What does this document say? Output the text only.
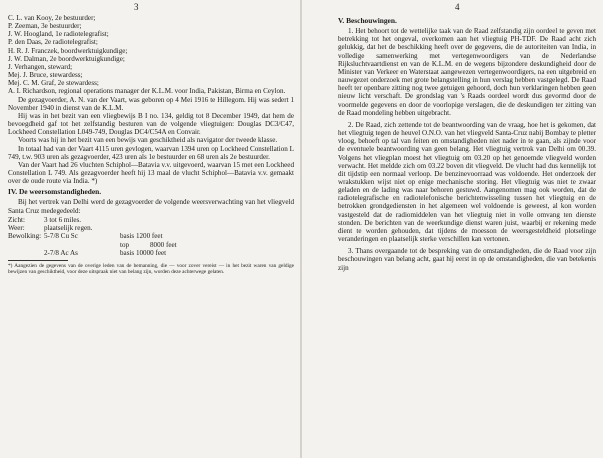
3
C. L. van Kooy, 2e bestuurder;
P. Zeeman, 3e bestuurder;
J. W. Hoogland, 1e radiotelegrafist;
P. den Daas, 2e radiotelegrafist;
H. R. J. Franczek, boordwerktuigkundige;
J. W. Dalman, 2e boordwerktuigkundige;
J. Verhangen, steward;
Mej. J. Bruce, stewardess;
Mej. C. M. Graf, 2e stewardess;
A. I. Richardson, regional operations manager der K.L.M. voor India, Pakistan, Birma en Ceylon.

De gezagvoerder, A. N. van der Vaart, was geboren op 4 Mei 1916 te Hillegom. Hij was sedert 1 November 1940 in dienst van de K.L.M.

Hij was in het bezit van een vliegbewijs B I no. 134, geldig tot 8 December 1949, dat hem de bevoegdheid gaf tot het zelfstandig besturen van de volgende vliegtuigen: Douglas DC3/C47, Lockheed Constellation L049-749, Douglas DC4/C54A en Convair.

Voorts was hij in het bezit van een bewijs van geschiktheid als navigator der tweede klasse.

In totaal had van der Vaart 4115 uren gevlogen, waarvan 1394 uren op Lockheed Constellation L 749, t.w. 903 uren als gezagvoerder, 423 uren als 1e bestuurder en 68 uren als 2e bestuurder.

Van der Vaart had 26 vluchten Schiphol—Batavia v.v. uitgevoerd, waarvan 15 met een Lockheed Constellation L 749. Als gezagvoerder heeft hij 13 maal de vlucht Schiphol—Batavia v.v. gemaakt over de oude route via India. *)

IV. De weersomstandigheden.

Bij het vertrek van Delhi werd de gezagvoerder de volgende weersverwachting van het vliegveld Santa Cruz medegedeeld:

Zicht:	3 tot 6 miles.
Weer:	plaatselijk regen.
Bewolking: 5-7/8 Cu Sc	basis 1200 feet
top	8000 feet
2-7/8 Ac As	basis 10000 feet
*) Aangezien de gegevens van de overige leden van de bemanning, die — voor zover vereist — in het bezit waren van geldige bewijzen van geschiktheid, voor deze uitspraak niet van belang zijn, worden deze achterwege gelaten.
4
V. Beschouwingen.

1. Het behoort tot de wettelijke taak van de Raad zelfstandig zijn oordeel te geven met betrekking tot het ongeval, overkomen aan het vliegtuig PH-TDF. De Raad acht zich gelukkig, dat het de beschikking heeft over de gegevens, die de autoriteiten van India, in volledige samenwerking met vertegenwoordigers van de Nederlandse Rijksluchtvaartdienst en van de K.L.M. en de wegens bijzondere deskundigheid door de Minister van Verkeer en Waterstaat aangewezen vertegenwoordigers, na een uitgebreid en nauwgezet onderzoek met grote belangstelling in hun verslag hebben vastgelegd. De Raad heeft ter openbare zitting nog twee getuigen gehoord, doch hun verklaringen hebben geen nieuw licht verschaft. De grondslag van 's Raads oordeel wordt dus gevormd door de voormelde gegevens en door de voorlopige verslagen, die de deskundigen ter zitting van de Raad mondeling hebben uitgebracht.

2. De Raad, zich zettende tot de beantwoording van de vraag, hoe het is gekomen, dat het vliegtuig tegen de heuvel O.N.O. van het vliegveld Santa-Cruz nabij Bombay te pletter vloog, behoeft op tal van feiten en omstandigheden niet nader in te gaan, als zijnde voor de eventuele beantwoording van geen belang. Het vliegtuig vertrok van Delhi om 00.39. Volgens het vliegplan moest het vliegtuig om 03.20 op het genoemde vliegveld worden verwacht. Het meldde zich om 03.22 boven dit vliegveld. De vlucht had dus kennelijk tot dit tijdstip een normaal verloop. De benzinevoorraad was voldoende. Het onderzoek der wrakstukken wijst niet op enige mechanische storing. Het vliegtuig was niet te zwaar geladen en de lading was naar behoren gestuwd. Aangenomen mag ook worden, dat de radiotelegrafische en radiotelefonische berichtenwisseling tussen het vliegtuig en de betrokken grondgediensten in het algemeen wel voldoende is geweest, al kon worden vastgesteld dat de radiomiddelen van het vliegtuig niet in volle omvang ten dienste stonden. De berichten van de weerkundige dienst waren juist, waarbij er rekening mede dient te worden gehouden, dat tijdens de moesson de weersgesteldheid plotselinge veranderingen en plaatselijk sterke verschillen kan vertonen.

3. Thans overgaande tot de bespreking van de omstandigheden, die de Raad voor zijn beschouwingen van belang acht, gaat hij eerst in op de omstandigheden, die van betekenis zijn
